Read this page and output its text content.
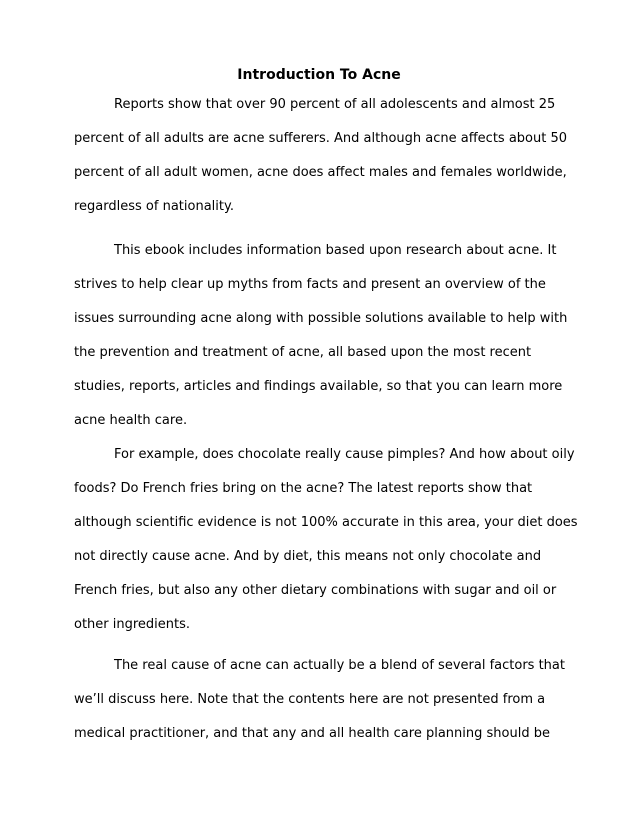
Introduction To Acne
Reports show that over 90 percent of all adolescents and almost 25
percent of all adults are acne sufferers. And although acne affects about 50
percent of all adult women, acne does affect males and females worldwide,
regardless of nationality.
This ebook includes information based upon research about acne. It
strives to help clear up myths from facts and present an overview of the
issues surrounding acne along with possible solutions available to help with
the prevention and treatment of acne, all based upon the most recent
studies, reports, articles and findings available, so that you can learn more
acne health care.
For example, does chocolate really cause pimples? And how about oily
foods? Do French fries bring on the acne? The latest reports show that
although scientific evidence is not 100% accurate in this area, your diet does
not directly cause acne. And by diet, this means not only chocolate and
French fries, but also any other dietary combinations with sugar and oil or
other ingredients.
The real cause of acne can actually be a blend of several factors that
we’ll discuss here. Note that the contents here are not presented from a
medical practitioner, and that any and all health care planning should be
